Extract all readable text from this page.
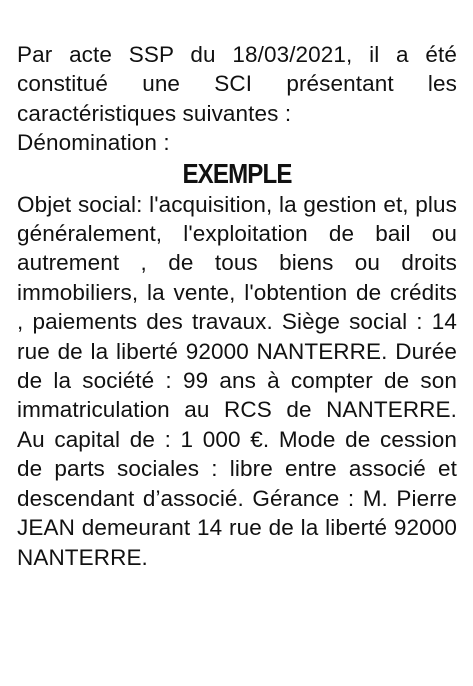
Par acte SSP du 18/03/2021, il a été constitué une SCI présentant les caractéristiques suivantes :

Dénomination :

EXEMPLE

Objet social: l'acquisition, la gestion et, plus généralement, l'exploitation de bail ou autrement , de tous biens ou droits immobiliers, la vente, l'obtention de crédits , paiements des travaux. Siège social : 14 rue de la liberté 92000 NANTERRE. Durée de la société : 99 ans à compter de son immatriculation au RCS de NANTERRE. Au capital de : 1 000 €. Mode de cession de parts sociales : libre entre associé et descendant d’associé. Gérance : M. Pierre JEAN demeurant 14 rue de la liberté 92000 NANTERRE.
